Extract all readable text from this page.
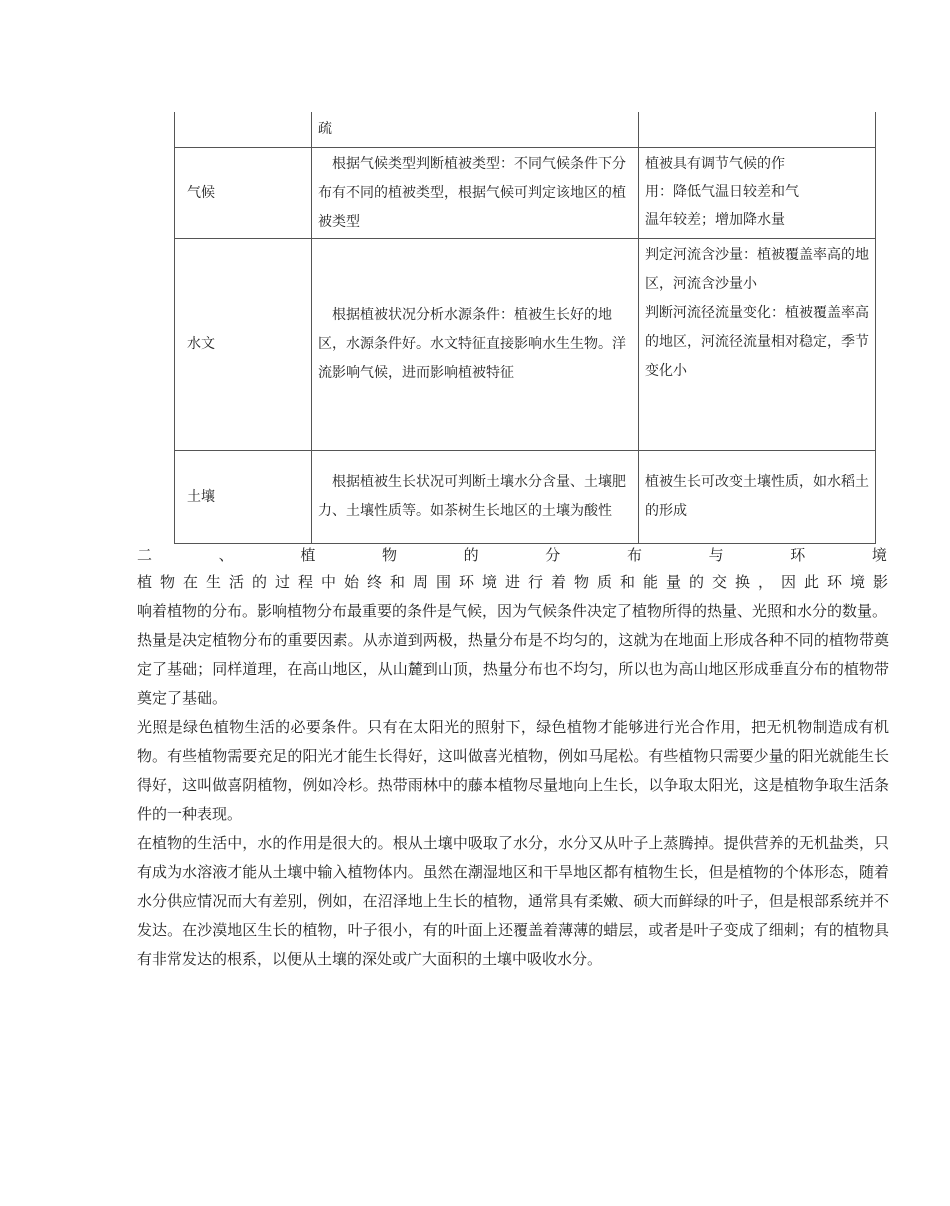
	疏	

气候	根据气候类型判断植被类型：不同气候条件下分布有不同的植被类型，根据气候可判定该地区的植被类型	植被具有调节气候的作
用：降低气温日较差和气
温年较差；增加降水量

水文	根据植被状况分析水源条件：植被生长好的地区，水源条件好。水文特征直接影响水生生物。洋流影响气候，进而影响植被特征	判定河流含沙量：植被覆盖率高的地区，河流含沙量小
判断河流径流量变化：植被覆盖率高的地区，河流径流量相对稳定，季节变化小

土壤	根据植被生长状况可判断土壤水分含量、土壤肥力、土壤性质等。如茶树生长地区的土壤为酸性	植被生长可改变土壤性质，如水稻土的形成
二	、	植	物	的	分	布	与	环	境

植物在生活的过程中始终和周围环境进行着物质和能量的交换，因此环境影

响着植物的分布。影响植物分布最重要的条件是气候，因为气候条件决定了植物所得的热量、光照和水分的数量。

热量是决定植物分布的重要因素。从赤道到两极，热量分布是不均匀的，这就为在地面上形成各种不同的植物带奠定了基础；同样道理，在高山地区，从山麓到山顶，热量分布也不均匀，所以也为高山地区形成垂直分布的植物带奠定了基础。

光照是绿色植物生活的必要条件。只有在太阳光的照射下，绿色植物才能够进行光合作用，把无机物制造成有机物。有些植物需要充足的阳光才能生长得好，这叫做喜光植物，例如马尾松。有些植物只需要少量的阳光就能生长得好，这叫做喜阴植物，例如冷杉。热带雨林中的藤本植物尽量地向上生长，以争取太阳光，这是植物争取生活条件的一种表现。

在植物的生活中，水的作用是很大的。根从土壤中吸取了水分，水分又从叶子上蒸腾掉。提供营养的无机盐类，只有成为水溶液才能从土壤中输入植物体内。虽然在潮湿地区和干旱地区都有植物生长，但是植物的个体形态，随着水分供应情况而大有差别，例如，在沼泽地上生长的植物，通常具有柔嫩、硕大而鲜绿的叶子，但是根部系统并不发达。在沙漠地区生长的植物，叶子很小，有的叶面上还覆盖着薄薄的蜡层，或者是叶子变成了细刺；有的植物具有非常发达的根系，以便从土壤的深处或广大面积的土壤中吸收水分。
